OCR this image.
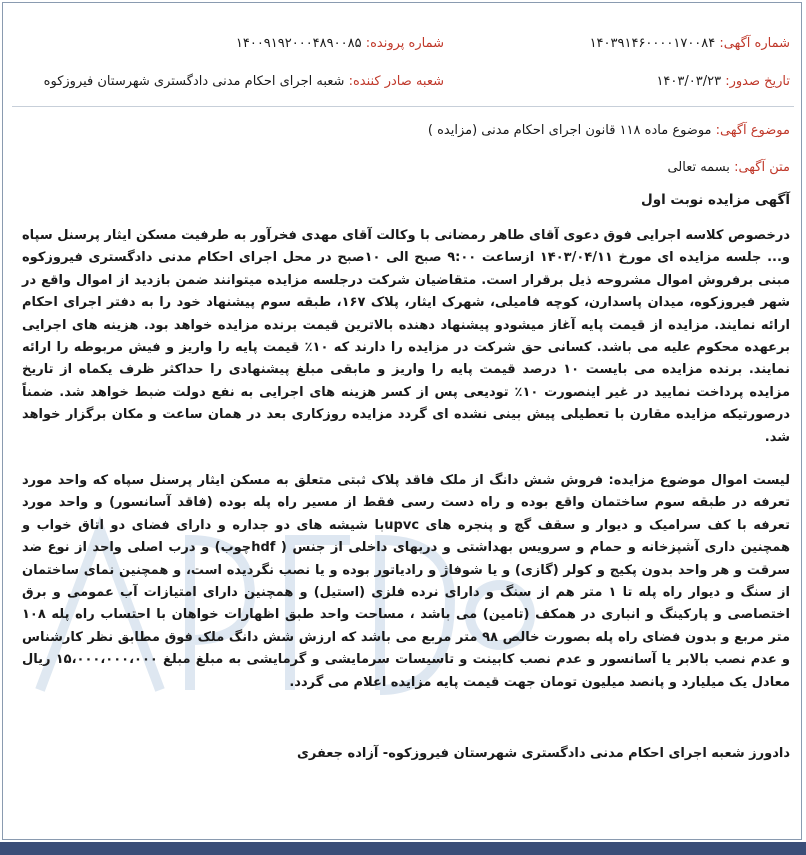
شماره آگهی: ۱۴۰۳۹۱۴۶۰۰۰۰۱۷۰۰۸۴
شماره پرونده: ۱۴۰۰۹۱۹۲۰۰۰۴۸۹۰۰۸۵
تاریخ صدور: ۱۴۰۳/۰۳/۲۳
شعبه صادر کننده: شعبه اجرای احکام مدنی دادگستری شهرستان فیروزکوه
موضوع آگهی: موضوع ماده ۱۱۸ قانون اجرای احکام مدنی (مزایده )
متن آگهی: بسمه تعالی
آگهی مزایده نوبت اول

درخصوص کلاسه اجرایی فوق دعوی آقای طاهر رمضانی با وکالت آقای مهدی فخرآور به طرفیت مسکن ایثار پرسنل سپاه و... جلسه مزایده ای مورخ ۱۴۰۳/۰۴/۱۱ ازساعت ۹:۰۰ صبح الی ۱۰صبح در محل اجرای احکام مدنی دادگستری فیروزکوه مبنی برفروش اموال مشروحه ذیل برقرار است. متقاضیان شرکت درجلسه مزایده میتوانند ضمن بازدید از اموال واقع در شهر فیروزکوه، میدان پاسدارن، کوچه فامیلی، شهرک ایثار، پلاک ۱۶۷، طبقه سوم پیشنهاد خود را به دفتر اجرای احکام ارائه نمایند. مزایده از قیمت پایه آغاز میشودو پیشنهاد دهنده بالاترین قیمت برنده مزایده خواهد بود. هزینه های اجرایی برعهده محکوم علیه می باشد. کسانی حق شرکت در مزایده را دارند که ۱۰٪ قیمت پایه را واریز و فیش مربوطه را ارائه نمایند. برنده مزایده می بایست ۱۰ درصد قیمت پایه را واریز و مابقی مبلغ پیشنهادی را حداکثر ظرف یکماه از تاریخ مزایده پرداخت نمایید در غیر اینصورت ۱۰٪ تودیعی پس از کسر هزینه های اجرایی به نفع دولت ضبط خواهد شد. ضمناً درصورتیکه مزایده مقارن با تعطیلی پیش بینی نشده ای گردد مزایده روزکاری بعد در همان ساعت و مکان برگزار خواهد شد.

لیست اموال موضوع مزایده: فروش شش دانگ از ملک فاقد پلاک ثبتی متعلق به مسکن ایثار پرسنل سپاه که واحد مورد تعرفه در طبقه سوم ساختمان واقع بوده و راه دست رسی فقط از مسیر راه پله بوده (فاقد آسانسور) و واحد مورد تعرفه با کف سرامیک و دیوار و سقف گچ و پنجره های upvcبا شیشه های دو جداره و دارای فضای دو اتاق خواب و همچنین داری آشپزخانه و حمام و سرویس بهداشتی و دربهای داخلی از جنس ( hdfچوب) و درب اصلی واحد از نوع ضد سرقت و هر واحد بدون پکیج و کولر (گازی) و یا شوفاژ و رادیاتور بوده و یا نصب نگردیده است، و همچنین نمای ساختمان از سنگ و دیوار راه پله تا ۱ متر هم از سنگ و دارای نرده فلزی (استیل) و همچنین دارای امتیازات آب عمومی و برق اختصاصی و پارکینگ و انباری در همکف (تامین) می باشد ، مساحت واحد طبق اظهارات خواهان با احتساب راه پله ۱۰۸ متر مربع و بدون فضای راه پله بصورت خالص ۹۸ متر مربع می باشد که ارزش شش دانگ ملک فوق مطابق نظر کارشناس و عدم نصب بالابر یا آسانسور و عدم نصب کابینت و تاسیسات سرمایشی و گرمایشی به مبلغ مبلغ ۱۵،۰۰۰،۰۰۰،۰۰۰ ریال معادل یک میلیارد و پانصد میلیون تومان جهت قیمت پایه مزایده اعلام می گردد.

دادورز شعبه اجرای احکام مدنی دادگستری شهرستان فیروزکوه- آزاده جعفری
